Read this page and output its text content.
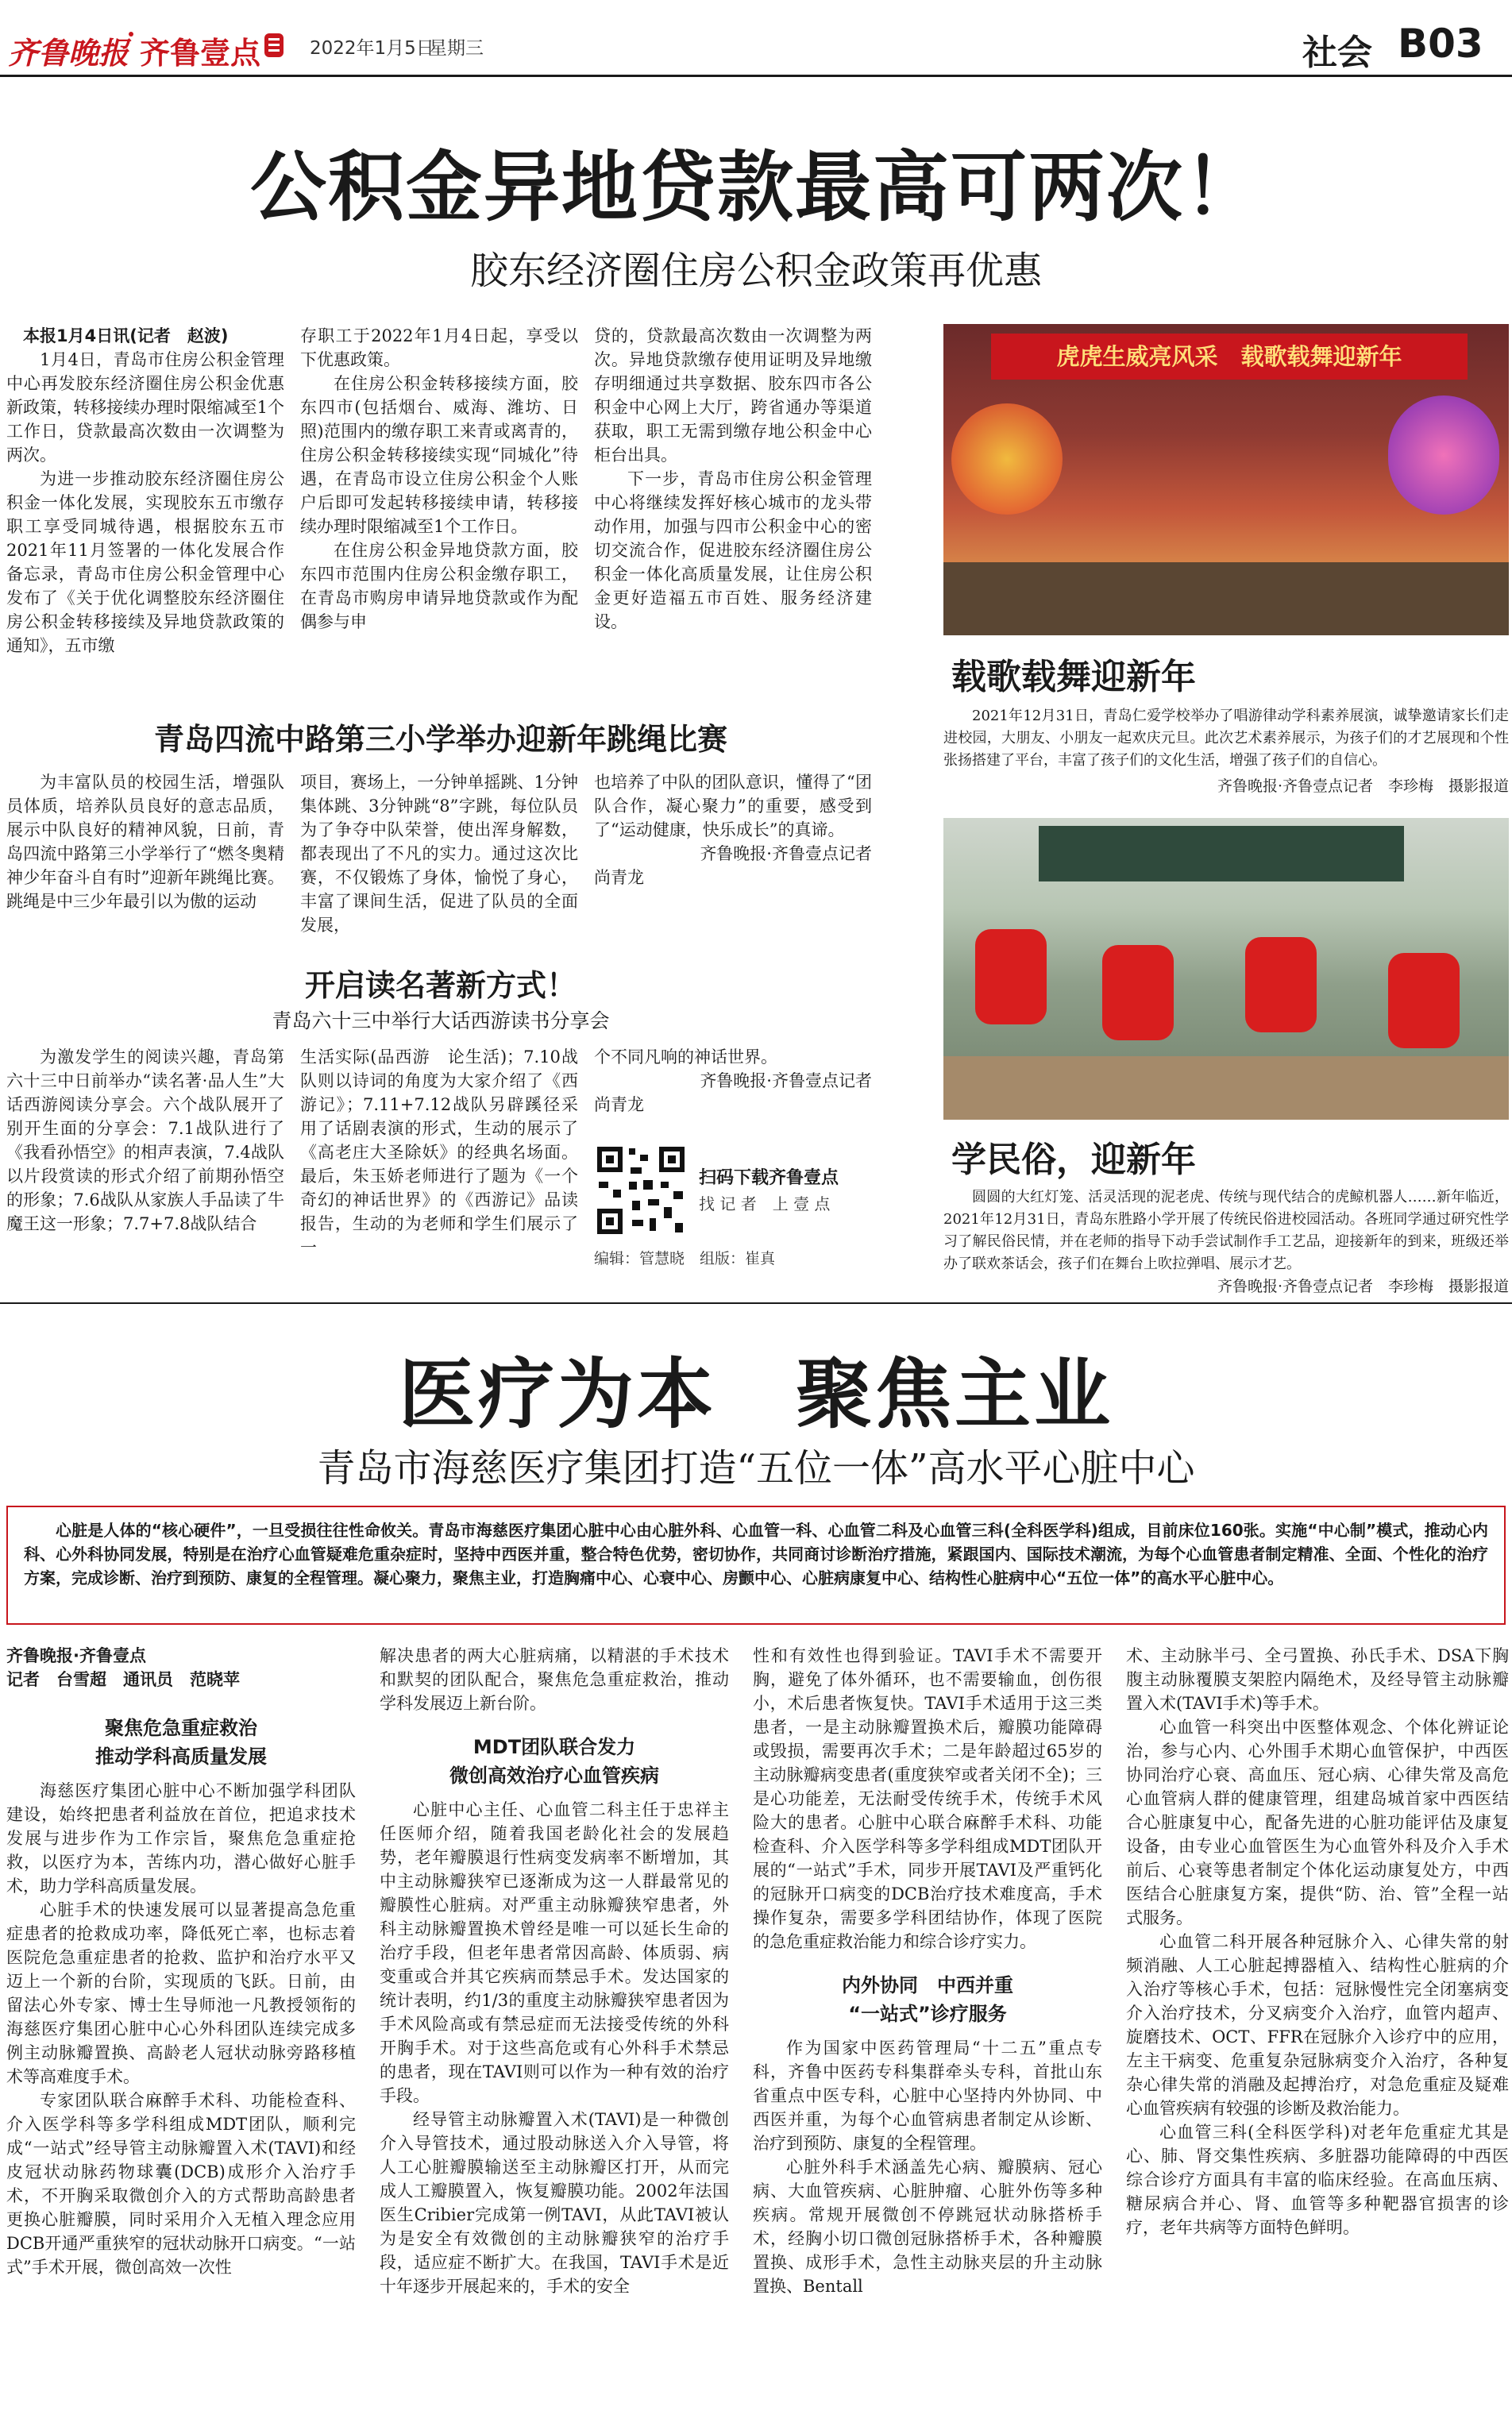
齐鲁晚报 齐鲁壹点	2022年1月5日
星期三	社会 B03
公积金异地贷款最高可两次！
胶东经济圈住房公积金政策再优惠

本报1月4日讯(记者　赵波)

1月4日，青岛市住房公积金管理中心再发胶东经济圈住房公积金优惠新政策，转移接续办理时限缩减至1个工作日，贷款最高次数由一次调整为两次。

为进一步推动胶东经济圈住房公积金一体化发展，实现胶东五市缴存职工享受同城待遇，根据胶东五市2021年11月签署的一体化发展合作备忘录，青岛市住房公积金管理中心发布了《关于优化调整胶东经济圈住房公积金转移接续及异地贷款政策的通知》，五市缴

存职工于2022年1月4日起，享受以下优惠政策。

在住房公积金转移接续方面，胶东四市(包括烟台、威海、潍坊、日照)范围内的缴存职工来青或离青的，住房公积金转移接续实现“同城化”待遇，在青岛市设立住房公积金个人账户后即可发起转移接续申请，转移接续办理时限缩减至1个工作日。

在住房公积金异地贷款方面，胶东四市范围内住房公积金缴存职工，在青岛市购房申请异地贷款或作为配偶参与申

贷的，贷款最高次数由一次调整为两次。异地贷款缴存使用证明及异地缴存明细通过共享数据、胶东四市各公积金中心网上大厅，跨省通办等渠道获取，职工无需到缴存地公积金中心柜台出具。

下一步，青岛市住房公积金管理中心将继续发挥好核心城市的龙头带动作用，加强与四市公积金中心的密切交流合作，促进胶东经济圈住房公积金一体化高质量发展，让住房公积金更好造福五市百姓、服务经济建设。

虎虎生威亮风采　载歌载舞迎新年
载歌载舞迎新年

2021年12月31日，青岛仁爱学校举办了唱游律动学科素养展演，诚挚邀请家长们走进校园，大朋友、小朋友一起欢庆元旦。此次艺术素养展示，为孩子们的才艺展现和个性张扬搭建了平台，丰富了孩子们的文化生活，增强了孩子们的自信心。

齐鲁晚报·齐鲁壹点记者　李珍梅　摄影报道
学民俗，迎新年

圆圆的大红灯笼、活灵活现的泥老虎、传统与现代结合的虎鲸机器人……新年临近，2021年12月31日，青岛东胜路小学开展了传统民俗进校园活动。各班同学通过研究性学习了解民俗民情，并在老师的指导下动手尝试制作手工艺品，迎接新年的到来，班级还举办了联欢茶话会，孩子们在舞台上吹拉弹唱、展示才艺。

齐鲁晚报·齐鲁壹点记者　李珍梅　摄影报道
青岛四流中路第三小学举办迎新年跳绳比赛

为丰富队员的校园生活，增强队员体质，培养队员良好的意志品质，展示中队良好的精神风貌，日前，青岛四流中路第三小学举行了“燃冬奥精神少年奋斗自有时”迎新年跳绳比赛。跳绳是中三少年最引以为傲的运动

项目，赛场上，一分钟单摇跳、1分钟集体跳、3分钟跳“8”字跳，每位队员为了争夺中队荣誉，使出浑身解数，都表现出了不凡的实力。通过这次比赛，不仅锻炼了身体，愉悦了身心，丰富了课间生活，促进了队员的全面发展，

也培养了中队的团队意识，懂得了“团队合作，凝心聚力”的重要，感受到了“运动健康，快乐成长”的真谛。

齐鲁晚报·齐鲁壹点记者

尚青龙

开启读名著新方式！
青岛六十三中举行大话西游读书分享会

为激发学生的阅读兴趣，青岛第六十三中日前举办“读名著·品人生”大话西游阅读分享会。六个战队展开了别开生面的分享会：7.1战队进行了《我看孙悟空》的相声表演，7.4战队以片段赏读的形式介绍了前期孙悟空的形象；7.6战队从家族人手品读了牛魔王这一形象；7.7+7.8战队结合

生活实际(品西游　论生活)；7.10战队则以诗词的角度为大家介绍了《西游记》；7.11+7.12战队另辟蹊径采用了话剧表演的形式，生动的展示了《高老庄大圣除妖》的经典名场面。最后，朱玉娇老师进行了题为《一个奇幻的神话世界》的《西游记》品读报告，生动的为老师和学生们展示了一

个不同凡响的神话世界。

齐鲁晚报·齐鲁壹点记者

尚青龙

扫码下载齐鲁壹点
找 记 者　上 壹 点
编辑：管慧晓　组版：崔真
医疗为本　聚焦主业
青岛市海慈医疗集团打造“五位一体”高水平心脏中心
心脏是人体的“核心硬件”，一旦受损往往性命攸关。青岛市海慈医疗集团心脏中心由心脏外科、心血管一科、心血管二科及心血管三科(全科医学科)组成，目前床位160张。实施“中心制”模式，推动心内科、心外科协同发展，特别是在治疗心血管疑难危重杂症时，坚持中西医并重，整合特色优势，密切协作，共同商讨诊断治疗措施，紧跟国内、国际技术潮流，为每个心血管患者制定精准、全面、个性化的治疗方案，完成诊断、治疗到预防、康复的全程管理。凝心聚力，聚焦主业，打造胸痛中心、心衰中心、房颤中心、心脏病康复中心、结构性心脏病中心“五位一体”的高水平心脏中心。

齐鲁晚报·齐鲁壹点

记者　台雪超　通讯员　范晓苹

聚焦危急重症救治
推动学科高质量发展

海慈医疗集团心脏中心不断加强学科团队建设，始终把患者利益放在首位，把追求技术发展与进步作为工作宗旨，聚焦危急重症抢救，以医疗为本，苦练内功，潜心做好心脏手术，助力学科高质量发展。

心脏手术的快速发展可以显著提高急危重症患者的抢救成功率，降低死亡率，也标志着医院危急重症患者的抢救、监护和治疗水平又迈上一个新的台阶，实现质的飞跃。日前，由留法心外专家、博士生导师池一凡教授领衔的海慈医疗集团心脏中心心外科团队连续完成多例主动脉瓣置换、高龄老人冠状动脉旁路移植术等高难度手术。

专家团队联合麻醉手术科、功能检查科、介入医学科等多学科组成MDT团队，顺利完成“一站式”经导管主动脉瓣置入术(TAVI)和经皮冠状动脉药物球囊(DCB)成形介入治疗手术，不开胸采取微创介入的方式帮助高龄患者更换心脏瓣膜，同时采用介入无植入理念应用DCB开通严重狭窄的冠状动脉开口病变。“一站式”手术开展，微创高效一次性

解决患者的两大心脏病痛，以精湛的手术技术和默契的团队配合，聚焦危急重症救治，推动学科发展迈上新台阶。

MDT团队联合发力
微创高效治疗心血管疾病

心脏中心主任、心血管二科主任于忠祥主任医师介绍，随着我国老龄化社会的发展趋势，老年瓣膜退行性病变发病率不断增加，其中主动脉瓣狭窄已逐渐成为这一人群最常见的瓣膜性心脏病。对严重主动脉瓣狭窄患者，外科主动脉瓣置换术曾经是唯一可以延长生命的治疗手段，但老年患者常因高龄、体质弱、病变重或合并其它疾病而禁忌手术。发达国家的统计表明，约1/3的重度主动脉瓣狭窄患者因为手术风险高或有禁忌症而无法接受传统的外科开胸手术。对于这些高危或有心外科手术禁忌的患者，现在TAVI则可以作为一种有效的治疗手段。

经导管主动脉瓣置入术(TAVI)是一种微创介入导管技术，通过股动脉送入介入导管，将人工心脏瓣膜输送至主动脉瓣区打开，从而完成人工瓣膜置入，恢复瓣膜功能。2002年法国医生Cribier完成第一例TAVI，从此TAVI被认为是安全有效微创的主动脉瓣狭窄的治疗手段，适应症不断扩大。在我国，TAVI手术是近十年逐步开展起来的，手术的安全

性和有效性也得到验证。TAVI手术不需要开胸，避免了体外循环，也不需要输血，创伤很小，术后患者恢复快。TAVI手术适用于这三类患者，一是主动脉瓣置换术后，瓣膜功能障碍或毁损，需要再次手术；二是年龄超过65岁的主动脉瓣病变患者(重度狭窄或者关闭不全)；三是心功能差，无法耐受传统手术，传统手术风险大的患者。心脏中心联合麻醉手术科、功能检查科、介入医学科等多学科组成MDT团队开展的“一站式”手术，同步开展TAVI及严重钙化的冠脉开口病变的DCB治疗技术难度高，手术操作复杂，需要多学科团结协作，体现了医院的急危重症救治能力和综合诊疗实力。

内外协同　中西并重
“一站式”诊疗服务

作为国家中医药管理局“十二五”重点专科，齐鲁中医药专科集群牵头专科，首批山东省重点中医专科，心脏中心坚持内外协同、中西医并重，为每个心血管病患者制定从诊断、治疗到预防、康复的全程管理。

心脏外科手术涵盖先心病、瓣膜病、冠心病、大血管疾病、心脏肿瘤、心脏外伤等多种疾病。常规开展微创不停跳冠状动脉搭桥手术，经胸小切口微创冠脉搭桥手术，各种瓣膜置换、成形手术，急性主动脉夹层的升主动脉置换、Bentall

术、主动脉半弓、全弓置换、孙氏手术、DSA下胸腹主动脉覆膜支架腔内隔绝术，及经导管主动脉瓣置入术(TAVI手术)等手术。

心血管一科突出中医整体观念、个体化辨证论治，参与心内、心外围手术期心血管保护，中西医协同治疗心衰、高血压、冠心病、心律失常及高危心血管病人群的健康管理，组建岛城首家中西医结合心脏康复中心，配备先进的心脏功能评估及康复设备，由专业心血管医生为心血管外科及介入手术前后、心衰等患者制定个体化运动康复处方，中西医结合心脏康复方案，提供“防、治、管”全程一站式服务。

心血管二科开展各种冠脉介入、心律失常的射频消融、人工心脏起搏器植入、结构性心脏病的介入治疗等核心手术，包括：冠脉慢性完全闭塞病变介入治疗技术，分叉病变介入治疗，血管内超声、旋磨技术、OCT、FFR在冠脉介入诊疗中的应用，左主干病变、危重复杂冠脉病变介入治疗，各种复杂心律失常的消融及起搏治疗，对急危重症及疑难心血管疾病有较强的诊断及救治能力。

心血管三科(全科医学科)对老年危重症尤其是心、肺、肾交集性疾病、多脏器功能障碍的中西医综合诊疗方面具有丰富的临床经验。在高血压病、糖尿病合并心、肾、血管等多种靶器官损害的诊疗，老年共病等方面特色鲜明。
